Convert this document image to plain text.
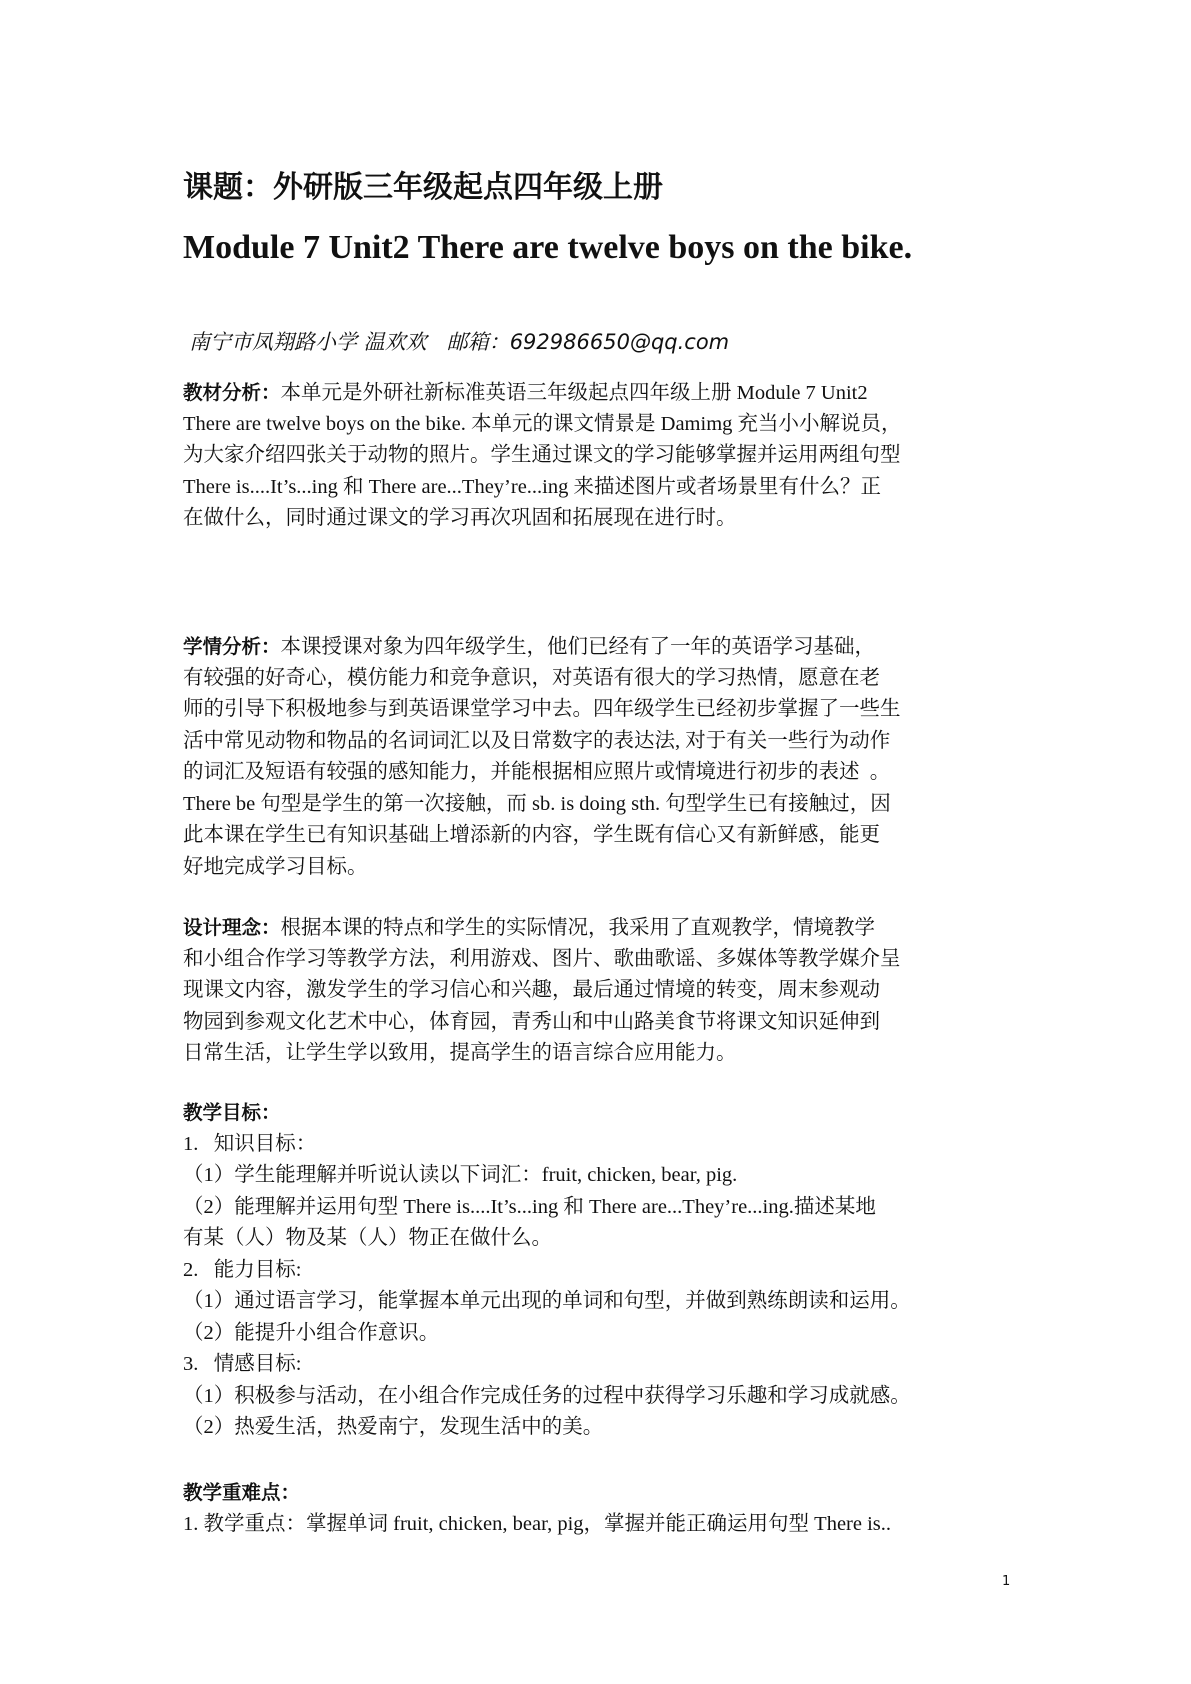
课题：外研版三年级起点四年级上册
Module 7 Unit2 There are twelve boys on the bike.
南宁市凤翔路小学 温欢欢   邮箱：692986650@qq.com
教材分析：本单元是外研社新标准英语三年级起点四年级上册 Module 7 Unit2
There are twelve boys on the bike. 本单元的课文情景是 Damimg 充当小小解说员，
为大家介绍四张关于动物的照片。学生通过课文的学习能够掌握并运用两组句型
There is....It’s...ing 和 There are...They’re...ing 来描述图片或者场景里有什么？正
在做什么，同时通过课文的学习再次巩固和拓展现在进行时。
学情分析：本课授课对象为四年级学生，他们已经有了一年的英语学习基础，
有较强的好奇心，模仿能力和竞争意识，对英语有很大的学习热情，愿意在老
师的引导下积极地参与到英语课堂学习中去。四年级学生已经初步掌握了一些生
活中常见动物和物品的名词词汇以及日常数字的表达法, 对于有关一些行为动作
的词汇及短语有较强的感知能力，并能根据相应照片或情境进行初步的表述  。
There be 句型是学生的第一次接触，而 sb. is doing sth. 句型学生已有接触过，因
此本课在学生已有知识基础上增添新的内容，学生既有信心又有新鲜感，能更
好地完成学习目标。
设计理念：根据本课的特点和学生的实际情况，我采用了直观教学，情境教学
和小组合作学习等教学方法，利用游戏、图片、歌曲歌谣、多媒体等教学媒介呈
现课文内容，激发学生的学习信心和兴趣，最后通过情境的转变，周末参观动
物园到参观文化艺术中心，体育园，青秀山和中山路美食节将课文知识延伸到
日常生活，让学生学以致用，提高学生的语言综合应用能力。
教学目标：
1.   知识目标：
（1）学生能理解并听说认读以下词汇：fruit, chicken, bear, pig.
（2）能理解并运用句型 There is....It’s...ing 和 There are...They’re...ing.描述某地
有某（人）物及某（人）物正在做什么。
2.   能力目标:
（1）通过语言学习，能掌握本单元出现的单词和句型，并做到熟练朗读和运用。
（2）能提升小组合作意识。
3.   情感目标:
（1）积极参与活动，在小组合作完成任务的过程中获得学习乐趣和学习成就感。
（2）热爱生活，热爱南宁，发现生活中的美。
教学重难点：
1. 教学重点：掌握单词 fruit, chicken, bear, pig，掌握并能正确运用句型 There is..
1
